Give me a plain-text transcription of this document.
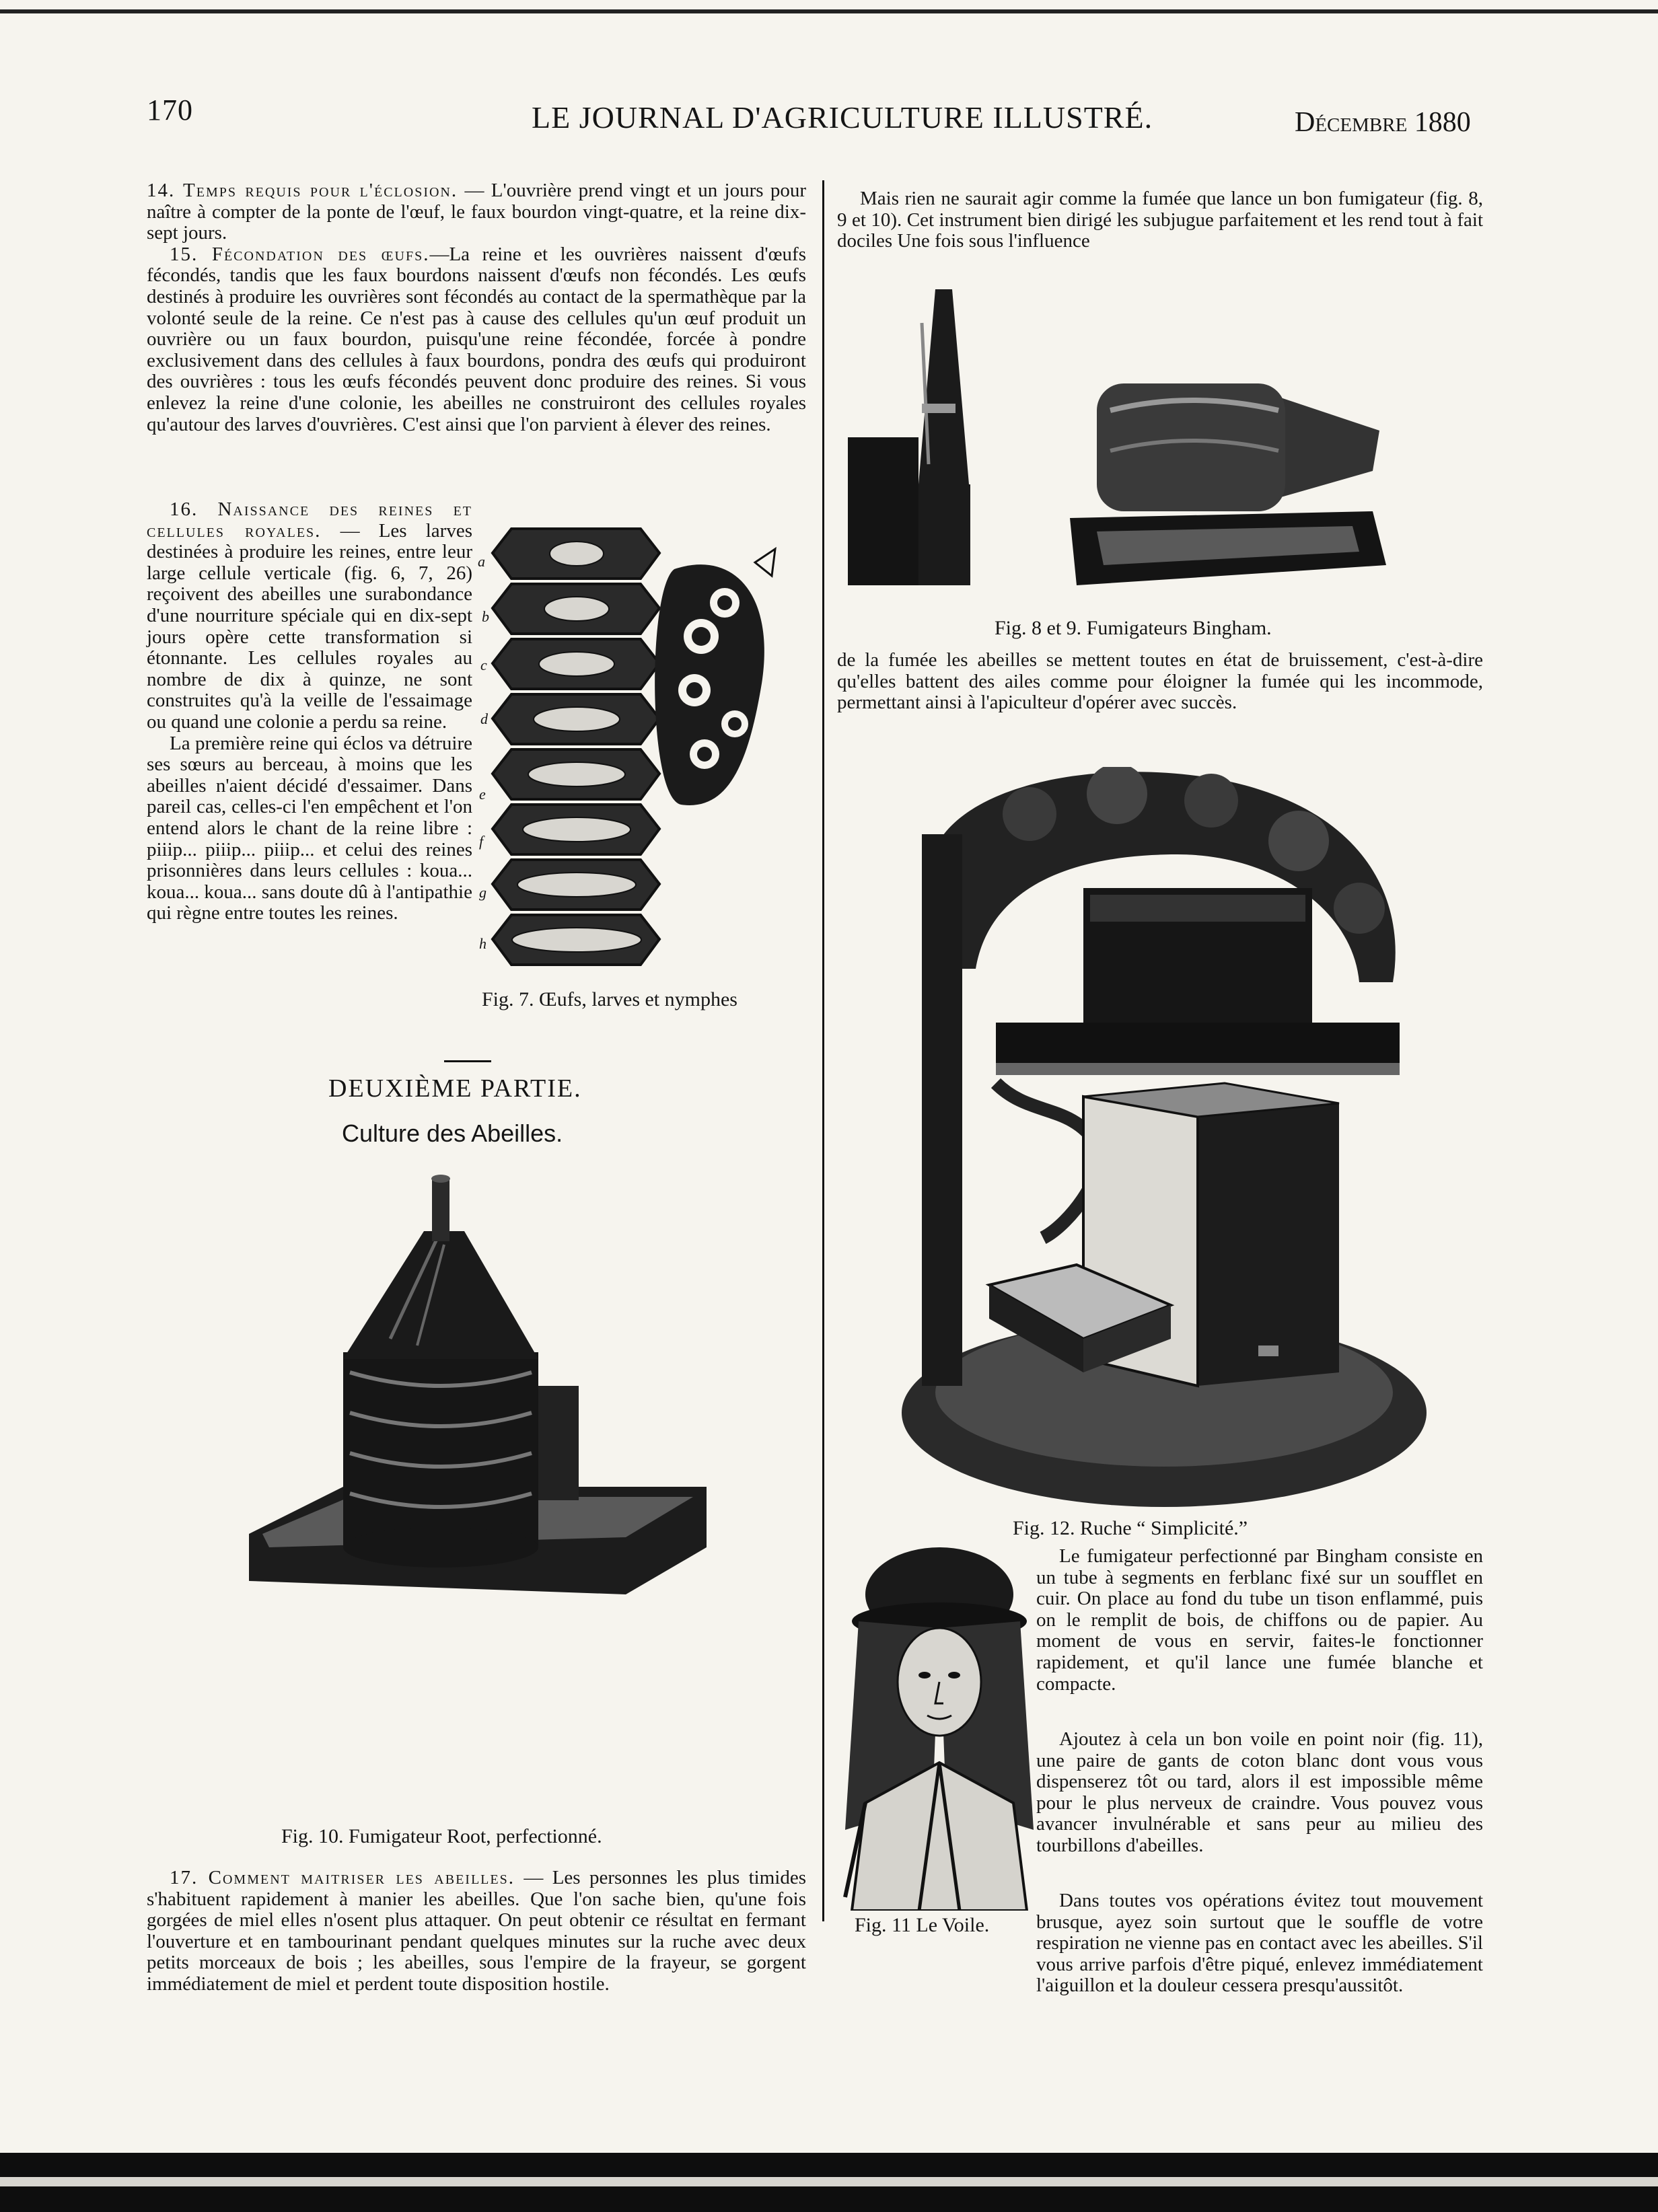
170	LE JOURNAL D'AGRICULTURE ILLUSTRÉ.	Décembre 1880

14. Temps requis pour l'éclosion. — L'ouvrière prend vingt et un jours pour naître à compter de la ponte de l'œuf, le faux bourdon vingt-quatre, et la reine dix-sept jours.

15. Fécondation des œufs.—La reine et les ouvrières naissent d'œufs fécondés, tandis que les faux bourdons naissent d'œufs non fécondés. Les œufs destinés à produire les ouvrières sont fécondés au contact de la spermathèque par la volonté seule de la reine. Ce n'est pas à cause des cellules qu'un œuf produit un ouvrière ou un faux bourdon, puisqu'une reine fécondée, forcée à pondre exclusivement dans des cellules à faux bourdons, pondra des œufs qui produiront des ouvrières : tous les œufs fécondés peuvent donc produire des reines. Si vous enlevez la reine d'une colonie, les abeilles ne construiront des cellules royales qu'autour des larves d'ouvrières. C'est ainsi que l'on parvient à élever des reines.

16. Naissance des reines et cellules royales. — Les larves destinées à produire les reines, entre leur large cellule verticale (fig. 6, 7, 26) reçoivent des abeilles une surabondance d'une nourriture spéciale qui en dix-sept jours opère cette transformation si étonnante. Les cellules royales au nombre de dix à quinze, ne sont construites qu'à la veille de l'essaimage ou quand une colonie a perdu sa reine.

La première reine qui éclos va détruire ses sœurs au berceau, à moins que les abeilles n'aient décidé d'essaimer. Dans pareil cas, celles-ci l'en empêchent et l'on entend alors le chant de la reine libre : piiip... piiip... piiip... et celui des reines prisonnières dans leurs cellules : koua... koua... koua... sans doute dû à l'antipathie qui règne entre toutes les reines.

a
b
c
d
e
f
g
h
Fig. 7. Œufs, larves et nymphes
DEUXIÈME PARTIE.
Culture des Abeilles.
Fig. 10. Fumigateur Root, perfectionné.

17. Comment maitriser les abeilles. — Les personnes les plus timides s'habituent rapidement à manier les abeilles. Que l'on sache bien, qu'une fois gorgées de miel elles n'osent plus attaquer. On peut obtenir ce résultat en fermant l'ouverture et en tambourinant pendant quelques minutes sur la ruche avec deux petits morceaux de bois ; les abeilles, sous l'empire de la frayeur, se gorgent immédiatement de miel et perdent toute disposition hostile.

Mais rien ne saurait agir comme la fumée que lance un bon fumigateur (fig. 8, 9 et 10). Cet instrument bien dirigé les subjugue parfaitement et les rend tout à fait dociles Une fois sous l'influence
Fig. 8 et 9. Fumigateurs Bingham.
de la fumée les abeilles se mettent toutes en état de bruissement, c'est-à-dire qu'elles battent des ailes comme pour éloigner la fumée qui les incommode, permettant ainsi à l'apiculteur d'opérer avec succès.
Fig. 12. Ruche “ Simplicité.”
Fig. 11 Le Voile.
Le fumigateur perfectionné par Bingham consiste en un tube à segments en ferblanc fixé sur un soufflet en cuir. On place au fond du tube un tison enflammé, puis on le remplit de bois, de chiffons ou de papier. Au moment de vous en servir, faites-le fonctionner rapidement, et qu'il lance une fumée blanche et compacte.
Ajoutez à cela un bon voile en point noir (fig. 11), une paire de gants de coton blanc dont vous vous dispenserez tôt ou tard, alors il est impossible même pour le plus nerveux de craindre. Vous pouvez vous avancer invulnérable et sans peur au milieu des tourbillons d'abeilles.
Dans toutes vos opérations évitez tout mouvement brusque, ayez soin surtout que le souffle de votre respiration ne vienne pas en contact avec les abeilles. S'il vous arrive parfois d'être piqué, enlevez immédiatement l'aiguillon et la douleur cessera presqu'aussitôt.
